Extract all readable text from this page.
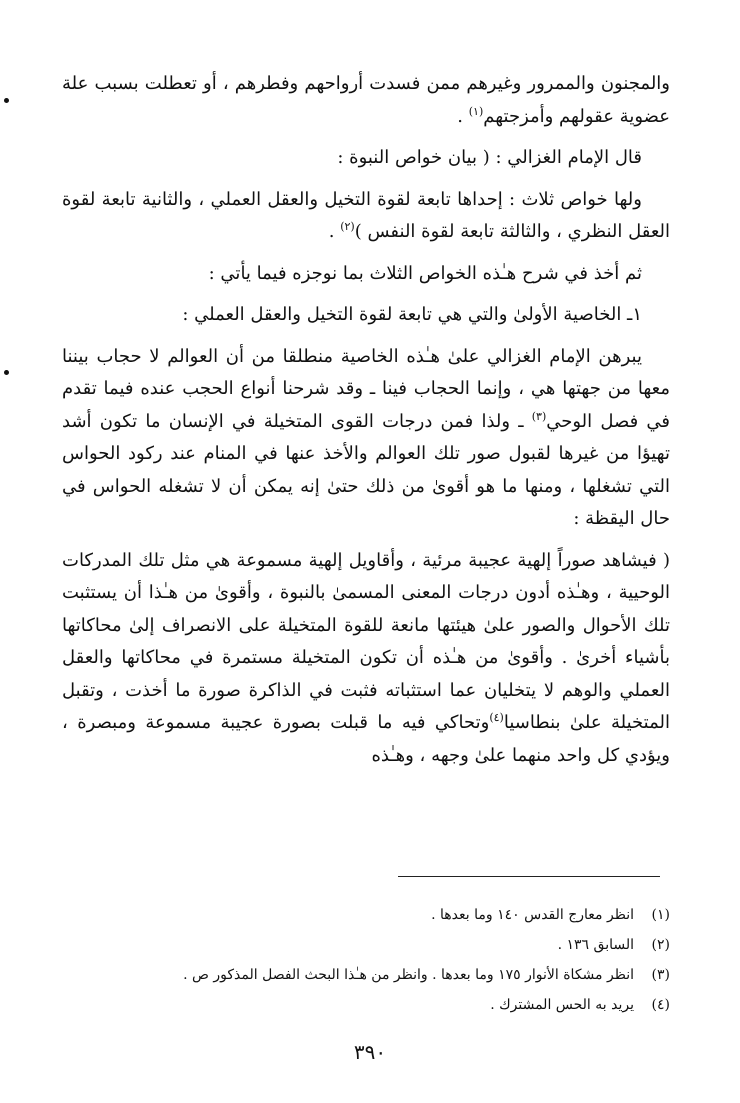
والمجنون والممرور وغيرهم ممن فسدت أرواحهم وفطرهم ، أو تعطلت بسبب علة عضوية عقولهم وأمزجتهم$^{(١)}$ .

قال الإمام الغزالي : ( بيان خواص النبوة :

ولها خواص ثلاث : إحداها تابعة لقوة التخيل والعقل العملي ، والثانية تابعة لقوة العقل النظري ، والثالثة تابعة لقوة النفس )$^{(٢)}$ .

ثم أخذ في شرح هـٰذه الخواص الثلاث بما نوجزه فيما يأتي :

١ـ الخاصية الأولىٰ والتي هي تابعة لقوة التخيل والعقل العملي :

يبرهن الإمام الغزالي علىٰ هـٰذه الخاصية منطلقا من أن العوالم لا حجاب بيننا معها من جهتها هي ، وإنما الحجاب فينا ـ وقد شرحنا أنواع الحجب عنده فيما تقدم في فصل الوحي$^{(٣)}$ ـ ولذا فمن درجات القوى المتخيلة في الإنسان ما تكون أشد تهيؤا من غيرها لقبول صور تلك العوالم والأخذ عنها في المنام عند ركود الحواس التي تشغلها ، ومنها ما هو أقوىٰ من ذلك حتىٰ إنه يمكن أن لا تشغله الحواس في حال اليقظة :

( فيشاهد صوراً إلهية عجيبة مرئية ، وأقاويل إلهية مسموعة هي مثل تلك المدركات الوحيية ، وهـٰذه أدون درجات المعنى المسمىٰ بالنبوة ، وأقوىٰ من هـٰذا أن يستثبت تلك الأحوال والصور علىٰ هيئتها مانعة للقوة المتخيلة على الانصراف إلىٰ محاكاتها بأشياء أخرىٰ . وأقوىٰ من هـٰذه أن تكون المتخيلة مستمرة في محاكاتها والعقل العملي والوهم لا يتخليان عما استثباته فثبت في الذاكرة صورة ما أخذت ، وتقبل المتخيلة علىٰ بنطاسيا$^{(٤)}$وتحاكي فيه ما قبلت بصورة عجيبة مسموعة ومبصرة ، ويؤدي كل واحد منهما علىٰ وجهه ، وهـٰذه

(١)
انظر معارج القدس ١٤٠ وما بعدها .
(٢)
السابق ١٣٦ .
(٣)
انظر مشكاة الأنوار ١٧٥ وما بعدها . وانظر من هـٰذا البحث الفصل المذكور ص .
(٤)
يريد به الحس المشترك .
٣٩٠
